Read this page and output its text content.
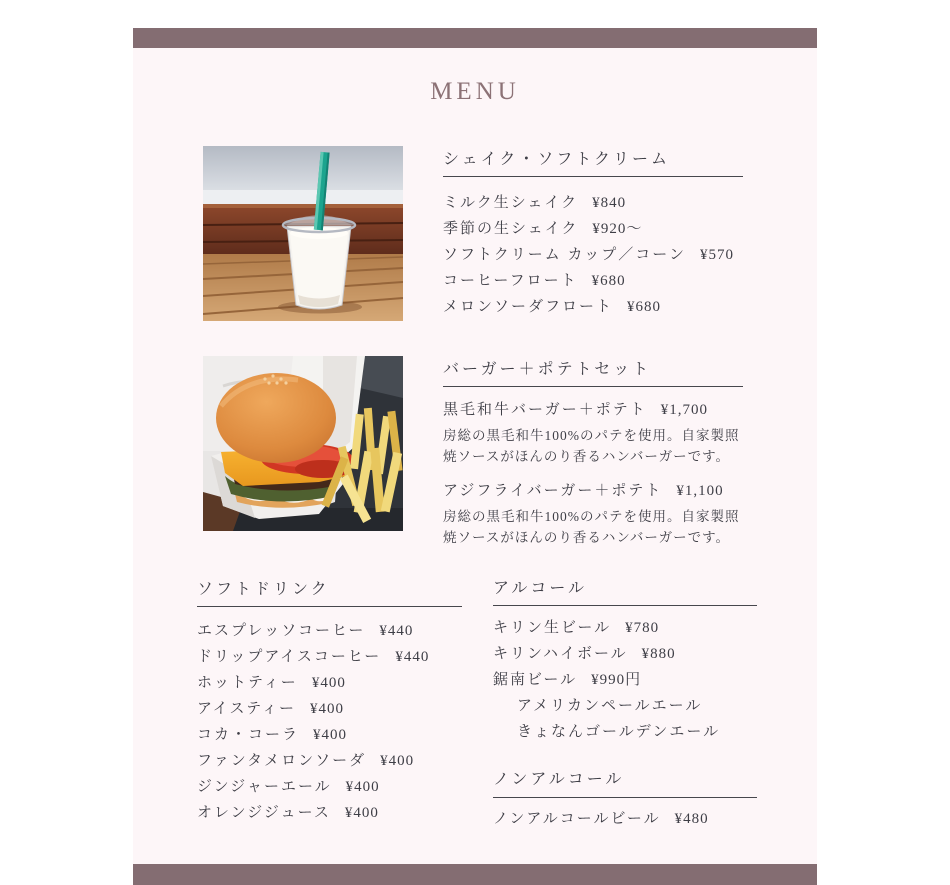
MENU
シェイク・ソフトクリーム
ミルク生シェイク ¥840
季節の生シェイク ¥920〜
ソフトクリーム カップ／コーン ¥570
コーヒーフロート ¥680
メロンソーダフロート ¥680
バーガー＋ポテトセット
黒毛和牛バーガー＋ポテト ¥1,700
房総の黒毛和牛100%のパテを使用。自家製照
焼ソースがほんのり香るハンバーガーです。
アジフライバーガー＋ポテト ¥1,100
房総の黒毛和牛100%のパテを使用。自家製照
焼ソースがほんのり香るハンバーガーです。
ソフトドリンク
エスプレッソコーヒー ¥440
ドリップアイスコーヒー ¥440
ホットティー ¥400
アイスティー ¥400
コカ・コーラ ¥400
ファンタメロンソーダ ¥400
ジンジャーエール ¥400
オレンジジュース ¥400
アルコール
キリン生ビール ¥780
キリンハイボール ¥880
鋸南ビール ¥990円
アメリカンペールエール
きょなんゴールデンエール
ノンアルコール
ノンアルコールビール ¥480
